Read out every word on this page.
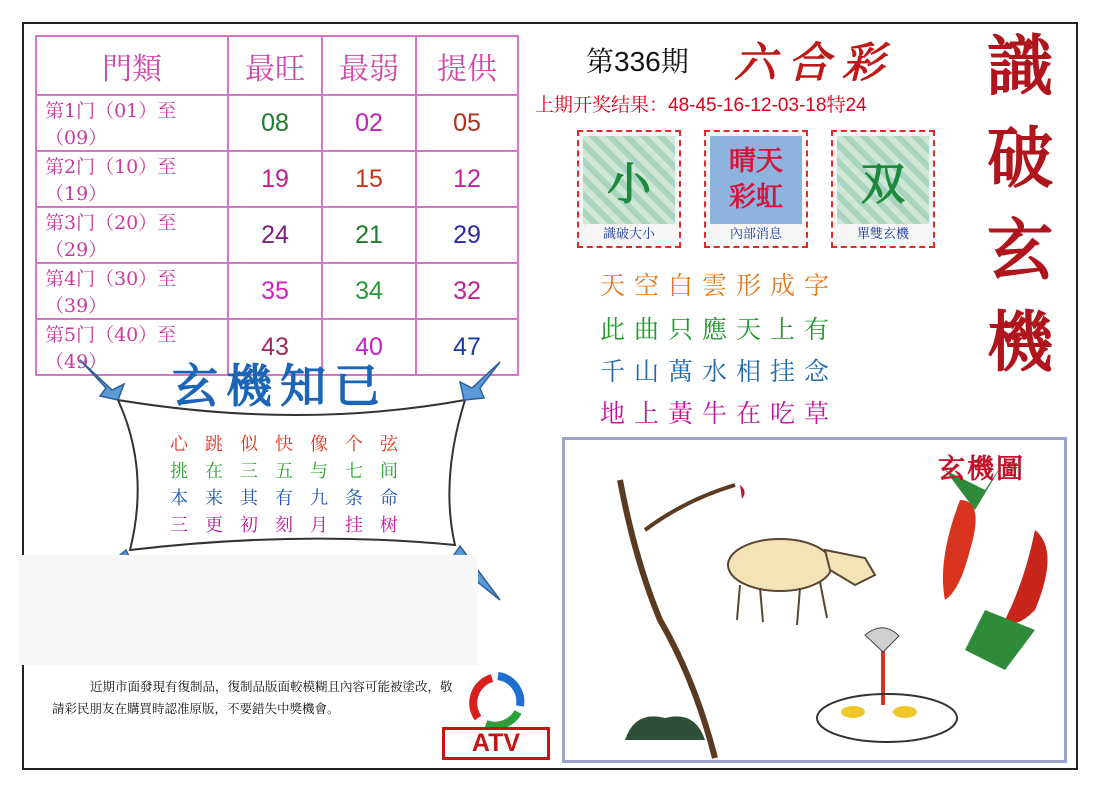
門類	最旺	最弱	提供
第1门（01）至（09）	08	02	05
第2门（10）至（19）	19	15	12
第3门（20）至（29）	24	21	29
第4门（30）至（39）	35	34	32
第5门（40）至（49）	43	40	47
第336期 六合彩
上期开奖结果：48-45-16-12-03-18特24
識
破
玄
機
小
識破大小
晴天
彩虹
內部消息
双
單雙玄機
天空白雲形成字
此曲只應天上有
千山萬水相挂念
地上黃牛在吃草
玄機知已
心跳似快像个弦
挑在三五与七间
本来其有九条命
三更初刻月挂树
近期市面發現有復制品，復制品版面較模糊且內容可能被塗改，敬請彩民朋友在購買時認准原版，不要錯失中獎機會。
ATV
玄機圖
